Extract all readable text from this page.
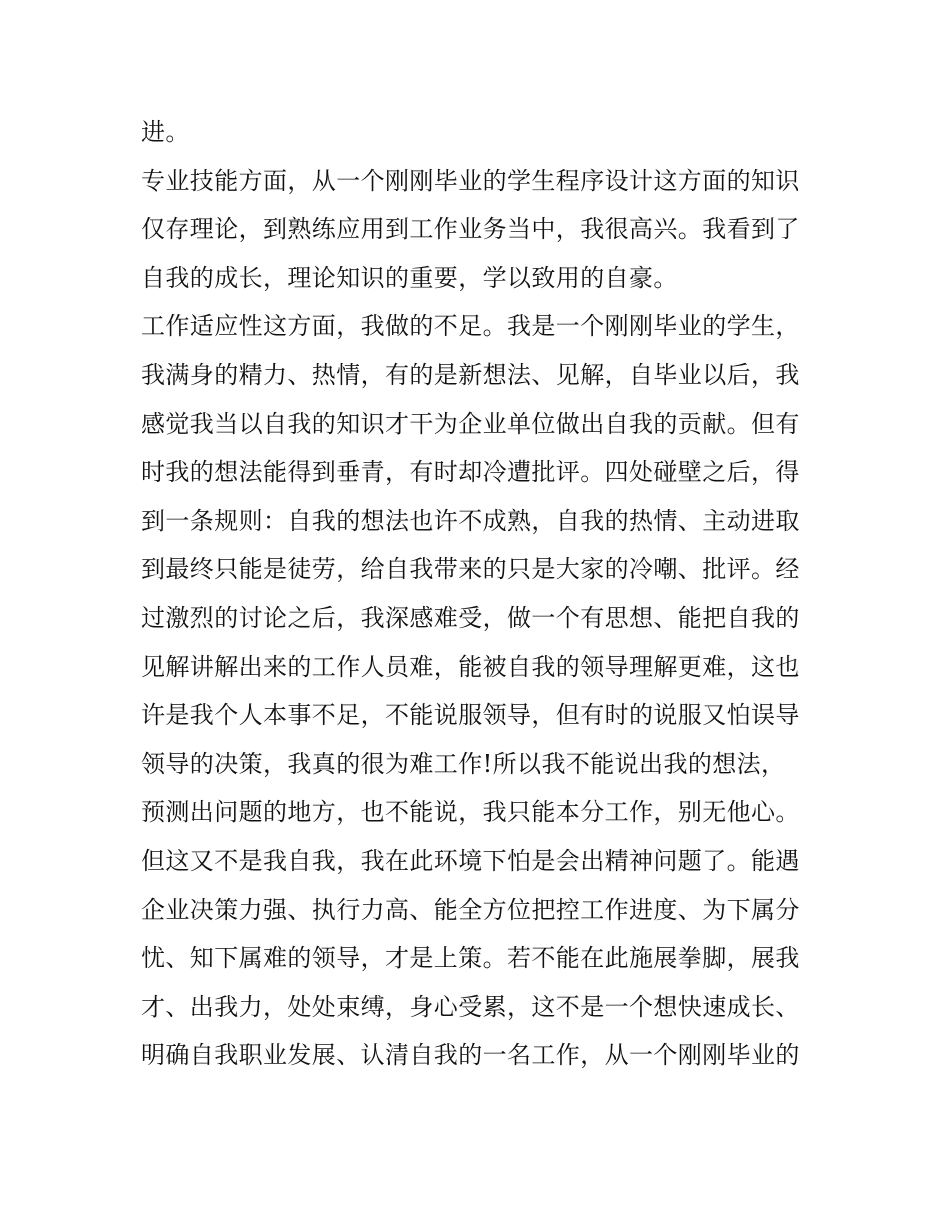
进。
专业技能方面，从一个刚刚毕业的学生程序设计这方面的知识
仅存理论，到熟练应用到工作业务当中，我很高兴。我看到了
自我的成长，理论知识的重要，学以致用的自豪。
工作适应性这方面，我做的不足。我是一个刚刚毕业的学生，
我满身的精力、热情，有的是新想法、见解，自毕业以后，我
感觉我当以自我的知识才干为企业单位做出自我的贡献。但有
时我的想法能得到垂青，有时却冷遭批评。四处碰壁之后，得
到一条规则：自我的想法也许不成熟，自我的热情、主动进取
到最终只能是徒劳，给自我带来的只是大家的冷嘲、批评。经
过激烈的讨论之后，我深感难受，做一个有思想、能把自我的
见解讲解出来的工作人员难，能被自我的领导理解更难，这也
许是我个人本事不足，不能说服领导，但有时的说服又怕误导
领导的决策，我真的很为难工作!所以我不能说出我的想法，
预测出问题的地方，也不能说，我只能本分工作，别无他心。
但这又不是我自我，我在此环境下怕是会出精神问题了。能遇
企业决策力强、执行力高、能全方位把控工作进度、为下属分
忧、知下属难的领导，才是上策。若不能在此施展拳脚，展我
才、出我力，处处束缚，身心受累，这不是一个想快速成长、
明确自我职业发展、认清自我的一名工作，从一个刚刚毕业的
